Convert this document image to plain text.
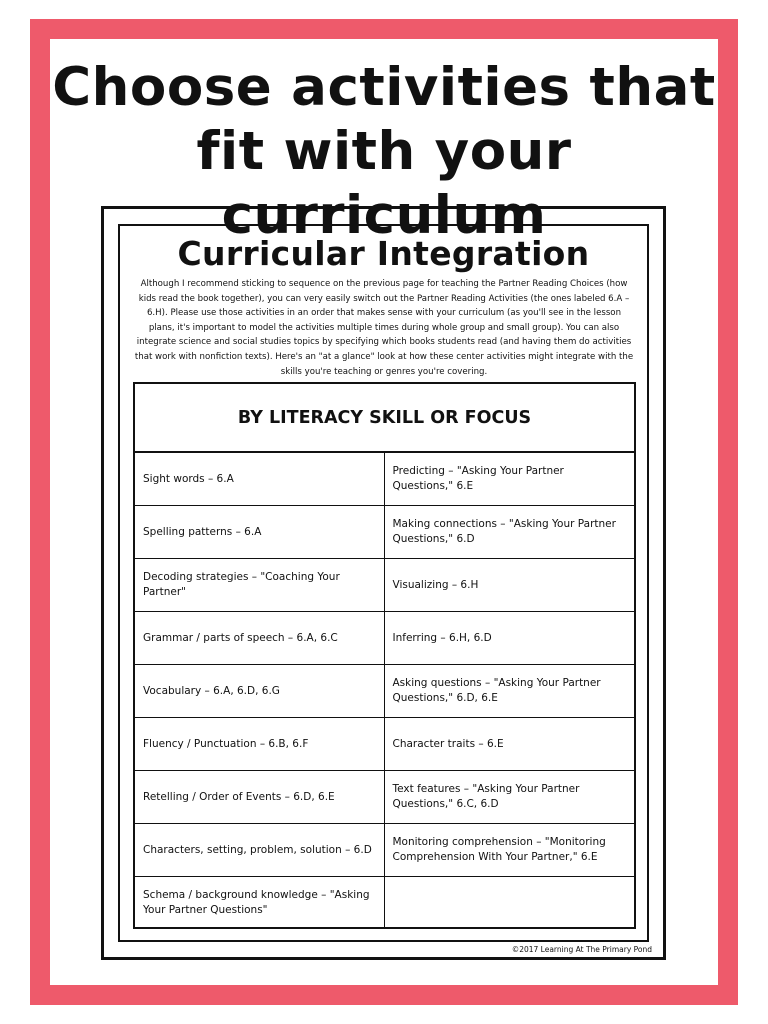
Choose activities that
fit with your curriculum
Curricular Integration

Although I recommend sticking to sequence on the previous page for teaching the Partner Reading Choices (how kids read the book together), you can very easily switch out the Partner Reading Activities (the ones labeled 6.A – 6.H). Please use those activities in an order that makes sense with your curriculum (as you'll see in the lesson plans, it's important to model the activities multiple times during whole group and small group). You can also integrate science and social studies topics by specifying which books students read (and having them do activities that work with nonfiction texts). Here's an "at a glance" look at how these center activities might integrate with the skills you're teaching or genres you're covering.

BY LITERACY SKILL OR FOCUS
Sight words – 6.A
Predicting – "Asking Your Partner Questions," 6.E
Spelling patterns – 6.A
Making connections – "Asking Your Partner Questions," 6.D
Decoding strategies – "Coaching Your Partner"
Visualizing – 6.H
Grammar / parts of speech – 6.A, 6.C	Inferring – 6.H, 6.D
Vocabulary – 6.A, 6.D, 6.G
Asking questions – "Asking Your Partner Questions," 6.D, 6.E
Fluency / Punctuation – 6.B, 6.F	Character traits – 6.E
Retelling / Order of Events – 6.D, 6.E
Text features – "Asking Your Partner Questions," 6.C, 6.D
Characters, setting, problem, solution – 6.D
Monitoring comprehension – "Monitoring Comprehension With Your Partner," 6.E
Schema / background knowledge – "Asking Your Partner Questions"
©2017 Learning At The Primary Pond
